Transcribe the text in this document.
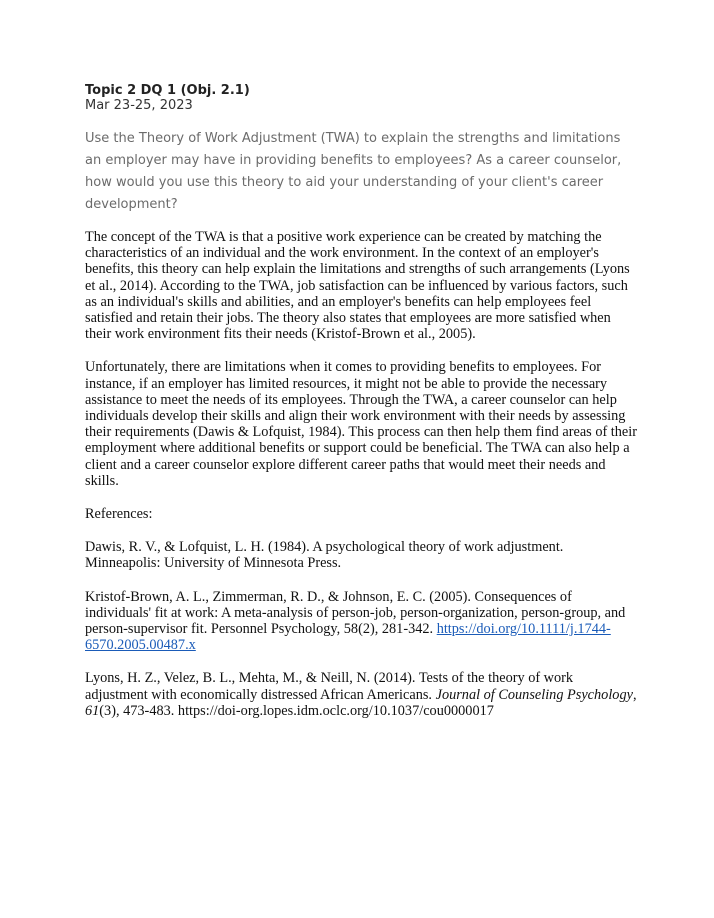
Topic 2 DQ 1 (Obj. 2.1)
Mar 23-25, 2023
Use the Theory of Work Adjustment (TWA) to explain the strengths and limitations an employer may have in providing benefits to employees? As a career counselor, how would you use this theory to aid your understanding of your client's career development?

The concept of the TWA is that a positive work experience can be created by matching the characteristics of an individual and the work environment. In the context of an employer's benefits, this theory can help explain the limitations and strengths of such arrangements (Lyons et al., 2014). According to the TWA, job satisfaction can be influenced by various factors, such as an individual's skills and abilities, and an employer's benefits can help employees feel satisfied and retain their jobs. The theory also states that employees are more satisfied when their work environment fits their needs (Kristof-Brown et al., 2005).

Unfortunately, there are limitations when it comes to providing benefits to employees. For instance, if an employer has limited resources, it might not be able to provide the necessary assistance to meet the needs of its employees. Through the TWA, a career counselor can help individuals develop their skills and align their work environment with their needs by assessing their requirements (Dawis & Lofquist, 1984). This process can then help them find areas of their employment where additional benefits or support could be beneficial. The TWA can also help a client and a career counselor explore different career paths that would meet their needs and skills.

References:

Dawis, R. V., & Lofquist, L. H. (1984). A psychological theory of work adjustment. Minneapolis: University of Minnesota Press.

Kristof-Brown, A. L., Zimmerman, R. D., & Johnson, E. C. (2005). Consequences of individuals' fit at work: A meta-analysis of person-job, person-organization, person-group, and person-supervisor fit. Personnel Psychology, 58(2), 281-342. https://doi.org/10.1111/j.1744-6570.2005.00487.x

Lyons, H. Z., Velez, B. L., Mehta, M., & Neill, N. (2014). Tests of the theory of work adjustment with economically distressed African Americans. Journal of Counseling Psychology, 61(3), 473-483. https://doi-org.lopes.idm.oclc.org/10.1037/cou0000017
